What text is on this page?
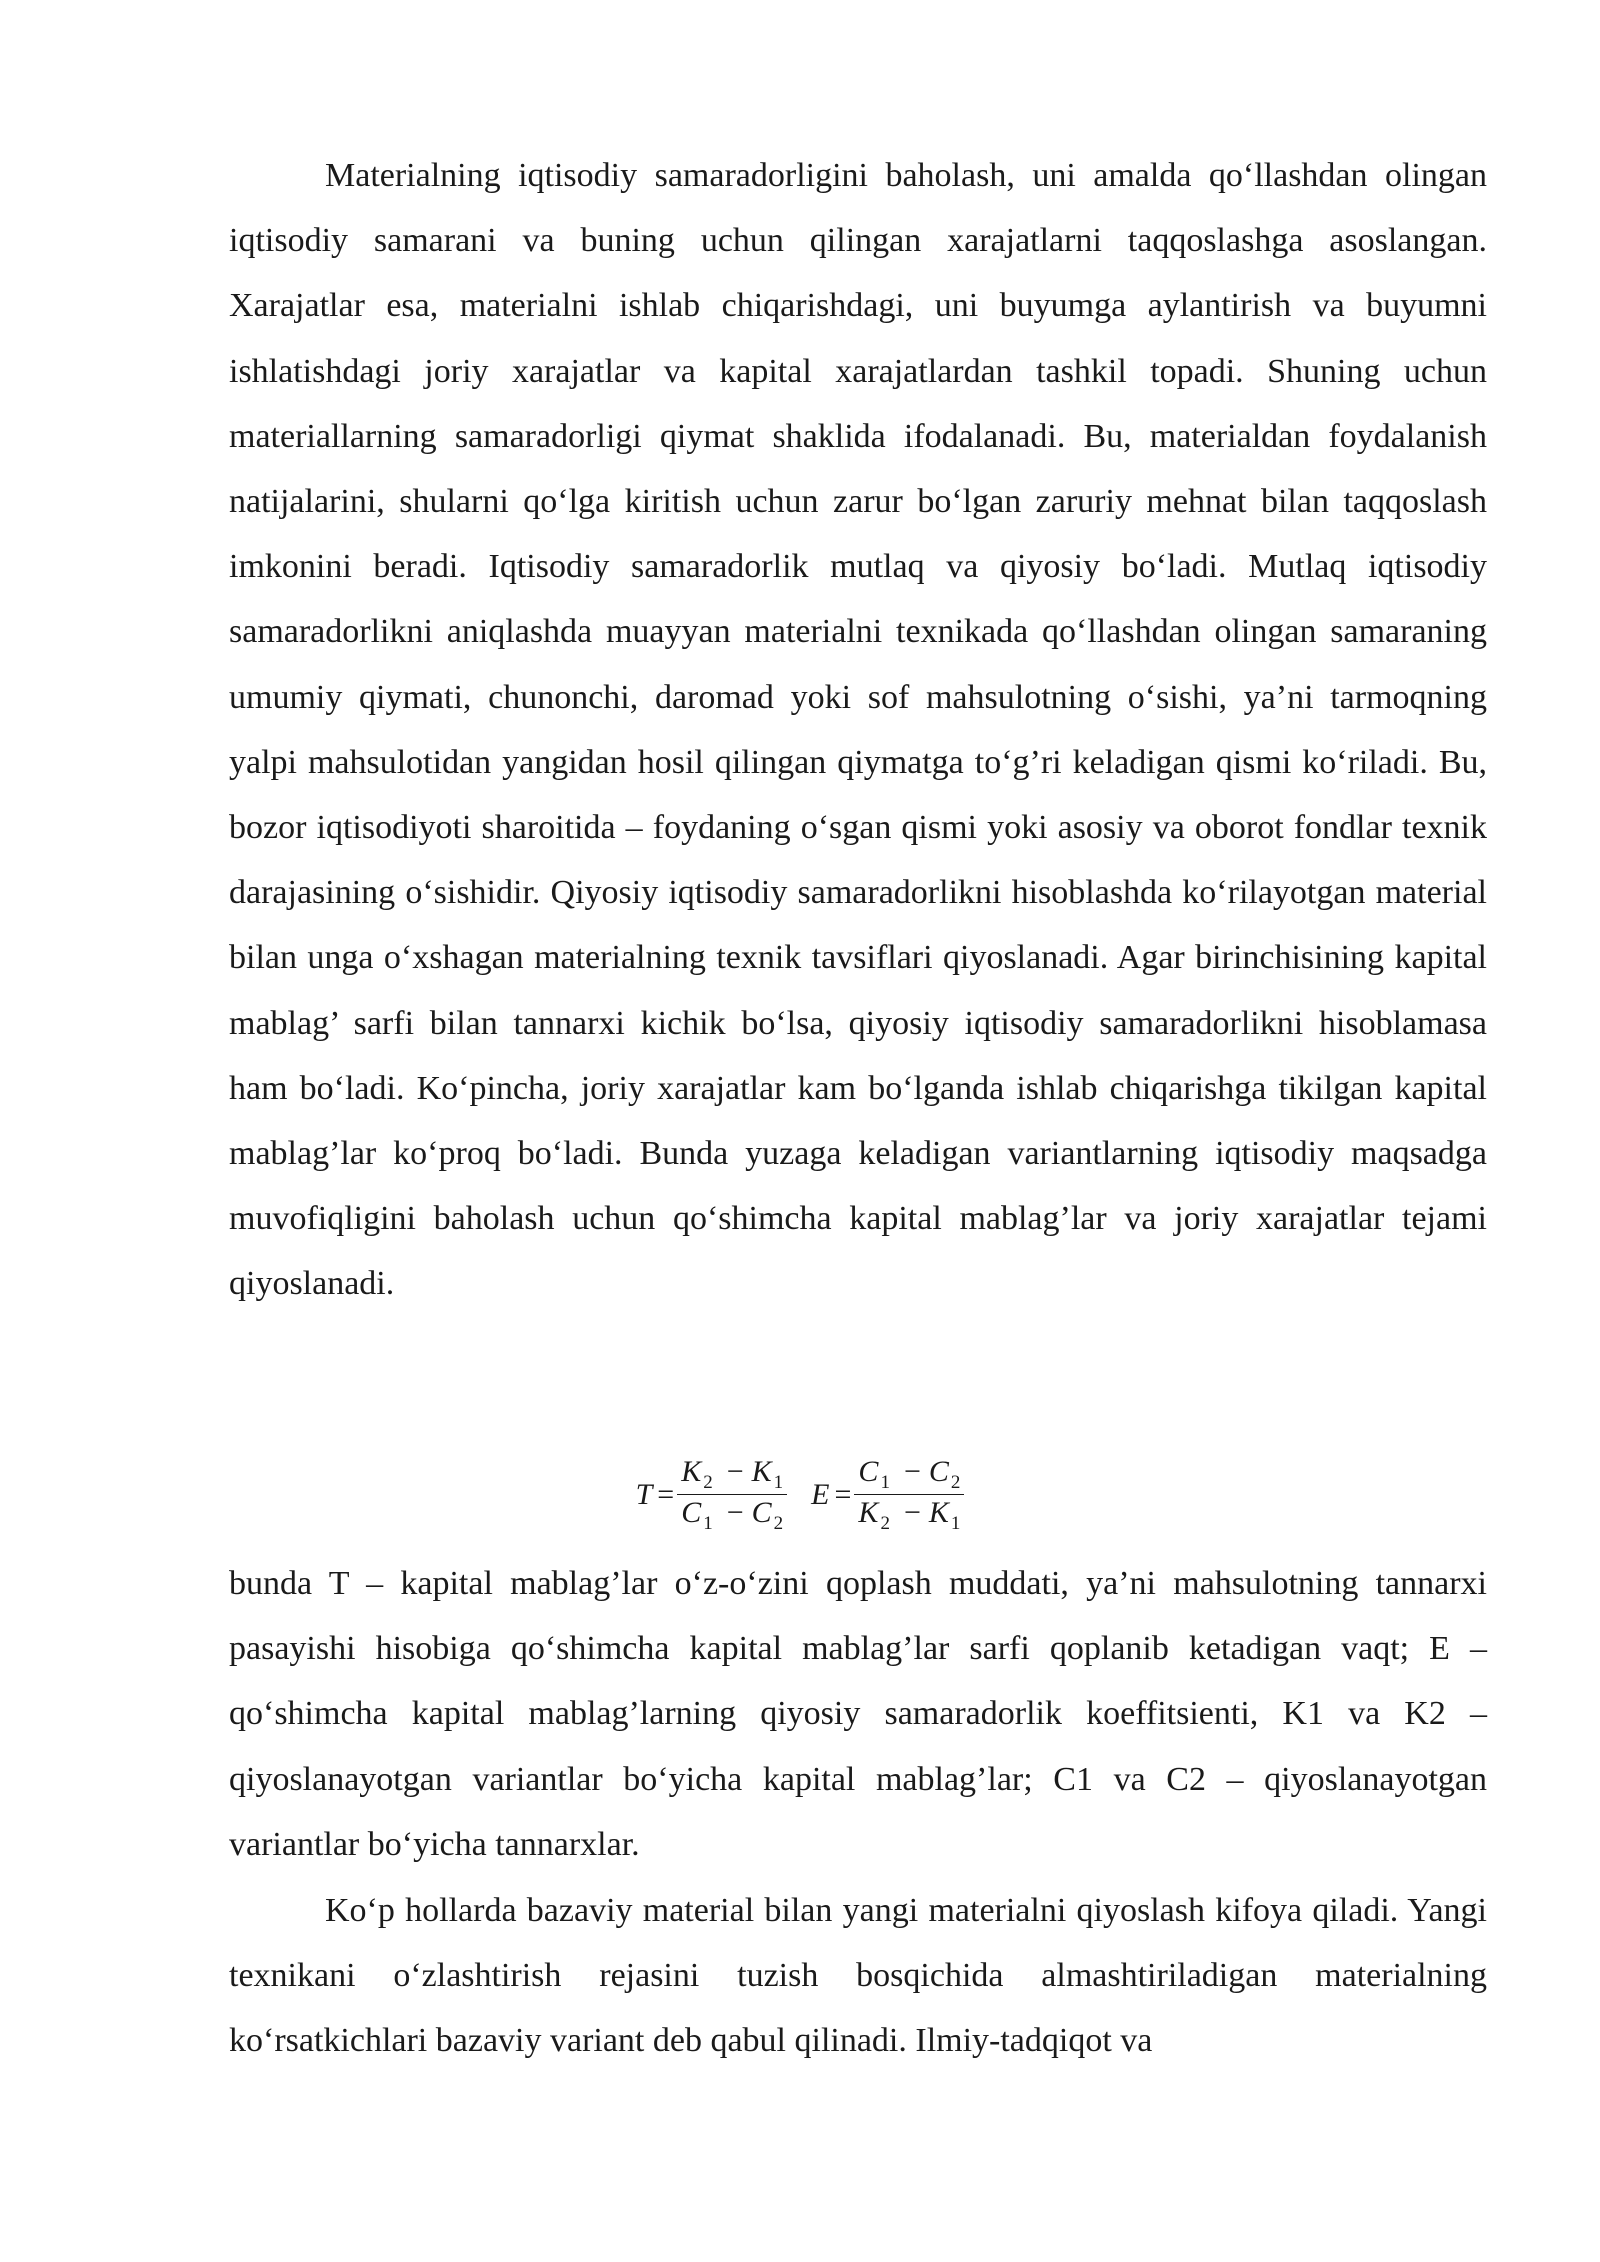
Materialning iqtisodiy samaradorligini baholash, uni amalda qo‘llashdan olingan iqtisodiy samarani va buning uchun qilingan xarajatlarni taqqoslashga asoslangan. Xarajatlar esa, materialni ishlab chiqarishdagi, uni buyumga aylantirish va buyumni ishlatishdagi joriy xarajatlar va kapital xarajatlardan tashkil topadi. Shuning uchun materiallarning samaradorligi qiymat shaklida ifodalanadi. Bu, materialdan foydalanish natijalarini, shularni qo‘lga kiritish uchun zarur bo‘lgan zaruriy mehnat bilan taqqoslash imkonini beradi. Iqtisodiy samaradorlik mutlaq va qiyosiy bo‘ladi. Mutlaq iqtisodiy samaradorlikni aniqlashda muayyan materialni texnikada qo‘llashdan olingan samaraning umumiy qiymati, chunonchi, daromad yoki sof mahsulotning o‘sishi, ya’ni tarmoqning yalpi mahsulotidan yangidan hosil qilingan qiymatga to‘g’ri keladigan qismi ko‘riladi. Bu, bozor iqtisodiyoti sharoitida – foydaning o‘sgan qismi yoki asosiy va oborot fondlar texnik darajasining o‘sishidir. Qiyosiy iqtisodiy samaradorlikni hisoblashda ko‘rilayotgan material bilan unga o‘xshagan materialning texnik tavsiflari qiyoslanadi. Agar birinchisining kapital mablag’ sarfi bilan tannarxi kichik bo‘lsa, qiyosiy iqtisodiy samaradorlikni hisoblamasa ham bo‘ladi. Ko‘pincha, joriy xarajatlar kam bo‘lganda ishlab chiqarishga tikilgan kapital mablag’lar ko‘proq bo‘ladi. Bunda yuzaga keladigan variantlarning iqtisodiy maqsadga muvofiqligini baholash uchun qo‘shimcha kapital mablag’lar va joriy xarajatlar tejami qiyoslanadi.

$T = \frac{K _2 - K _1}{C _1 - C _2}$ $E = \frac{C _1 - C _2}{K _2 - K _1}$

bunda T – kapital mablag’lar o‘z-o‘zini qoplash muddati, ya’ni mahsulotning tannarxi pasayishi hisobiga qo‘shimcha kapital mablag’lar sarfi qoplanib ketadigan vaqt; E – qo‘shimcha kapital mablag’larning qiyosiy samaradorlik koeffitsienti, K1 va K2 – qiyoslanayotgan variantlar bo‘yicha kapital mablag’lar; C1 va C2 – qiyoslanayotgan variantlar bo‘yicha tannarxlar.

Ko‘p hollarda bazaviy material bilan yangi materialni qiyoslash kifoya qiladi. Yangi texnikani o‘zlashtirish rejasini tuzish bosqichida almashtiriladigan materialning ko‘rsatkichlari bazaviy variant deb qabul qilinadi. Ilmiy-tadqiqot va
